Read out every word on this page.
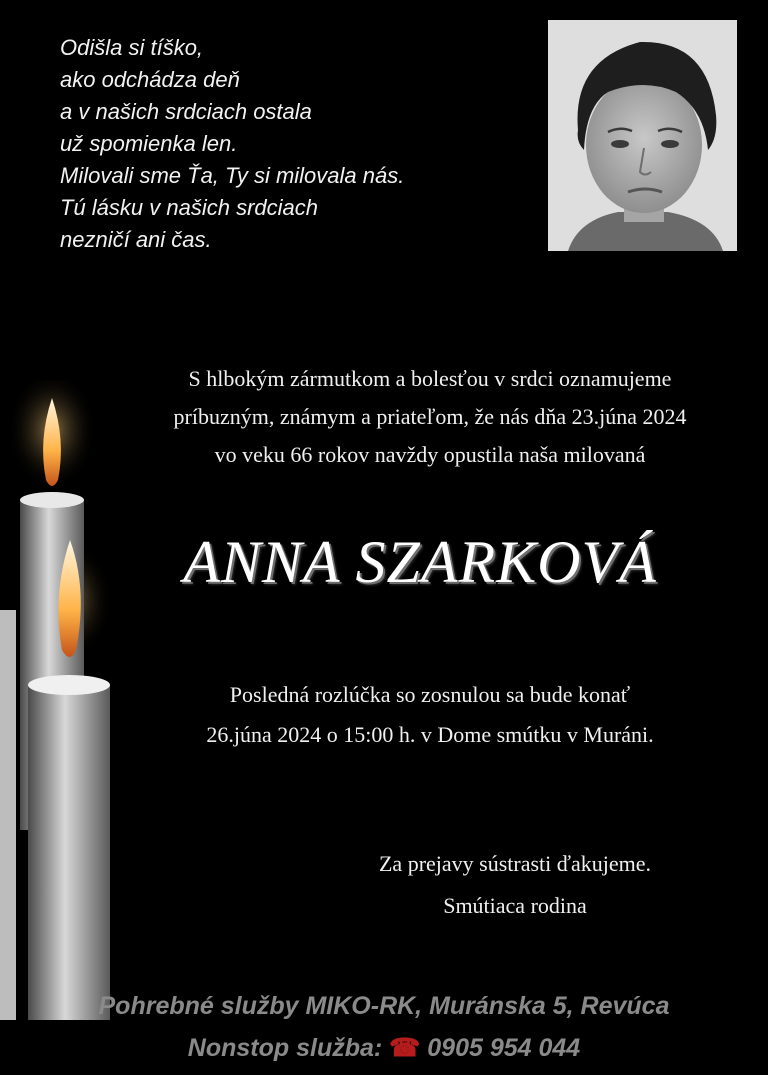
Odišla si tíško,
ako odchádza deň
a v našich srdciach ostala
už spomienka len.
Milovali sme Ťa, Ty si milovala nás.
Tú lásku v našich srdciach
nezničí ani čas.
S hlbokým zármutkom a bolesťou v srdci oznamujeme
príbuzným, známym a priateľom, že nás dňa 23.júna 2024
vo veku 66 rokov navždy opustila naša milovaná
ANNA SZARKOVÁ
Posledná rozlúčka so zosnulou sa bude konať
26.júna 2024 o 15:00 h. v Dome smútku v Muráni.
Za prejavy sústrasti ďakujeme.
Smútiaca rodina
Pohrebné služby MIKO-RK, Muránska 5, Revúca
Nonstop služba: ☎ 0905 954 044
